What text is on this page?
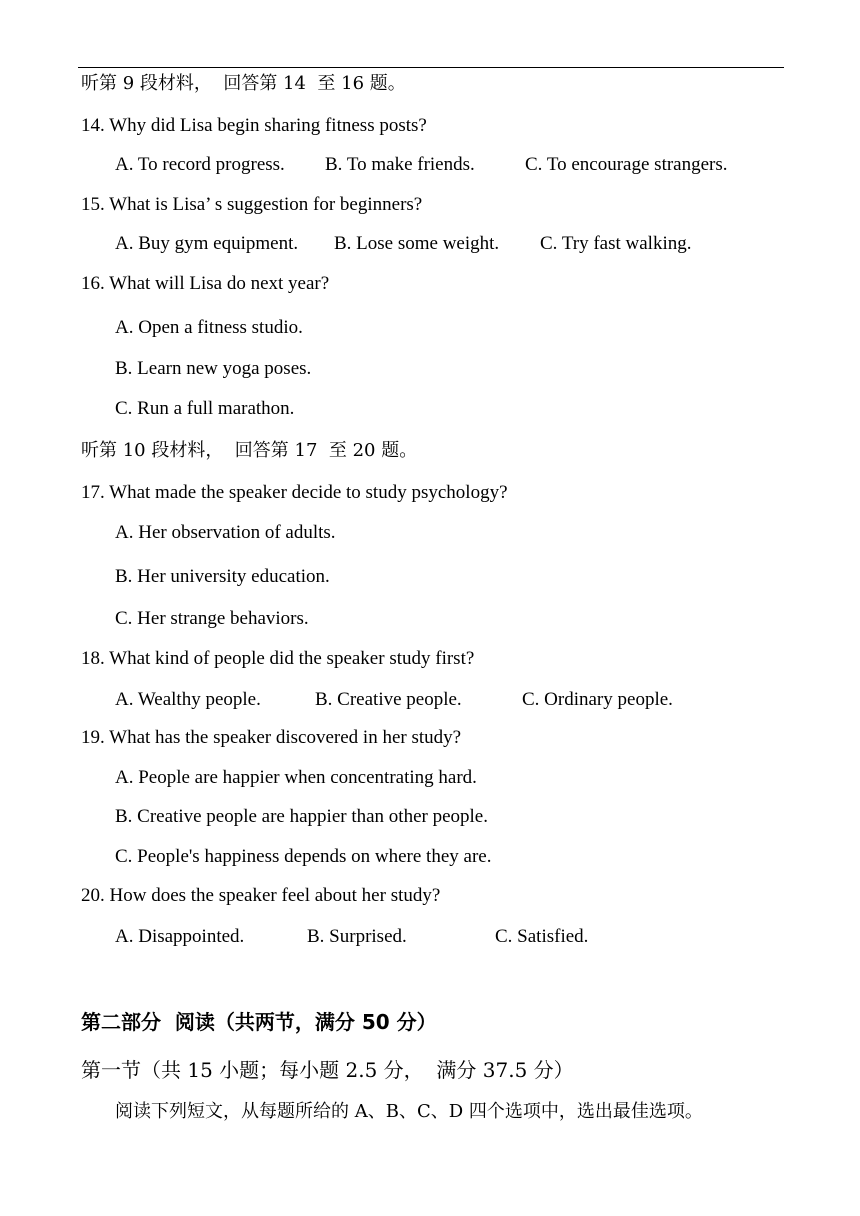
听第 9 段材料，  回答第 14  至 16 题。
14. Why did Lisa begin sharing fitness posts?
A. To record progress. B. To make friends.	C. To encourage strangers.
15. What is Lisa’ s suggestion for beginners?
A. Buy gym equipment. B. Lose some weight. C. Try fast walking.
16. What will Lisa do next year?
A. Open a fitness studio.
B. Learn new yoga poses.
C. Run a full marathon.
听第 10 段材料，  回答第 17  至 20 题。
17. What made the speaker decide to study psychology?
A. Her observation of adults.
B. Her university education.
C. Her strange behaviors.
18. What kind of people did the speaker study first?
A. Wealthy people.	B. Creative people.	C. Ordinary people.
19. What has the speaker discovered in her study?
A. People are happier when concentrating hard.
B. Creative people are happier than other people.
C. People's happiness depends on where they are.
20. How does the speaker feel about her study?
A. Disappointed.	B. Surprised.	C. Satisfied.
第二部分  阅读（共两节，满分 50 分）
第一节（共 15 小题；每小题 2.5 分，  满分 37.5 分）
阅读下列短文，从每题所给的 A、B、C、D 四个选项中，选出最佳选项。
